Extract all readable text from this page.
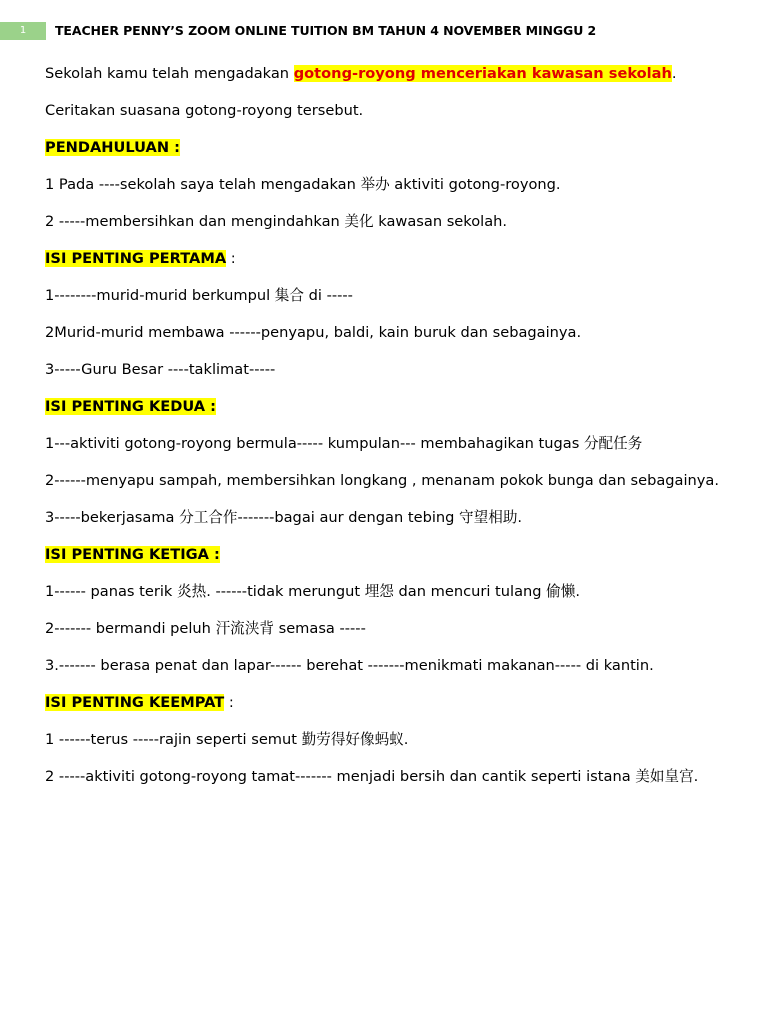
1	TEACHER PENNY’S ZOOM ONLINE TUITION BM TAHUN 4 NOVEMBER MINGGU 2

Sekolah kamu telah mengadakan gotong-royong menceriakan kawasan sekolah.

Ceritakan suasana gotong-royong tersebut.

PENDAHULUAN :

1 Pada ----sekolah saya telah mengadakan 举办 aktiviti gotong-royong.

2 -----membersihkan dan mengindahkan 美化 kawasan sekolah.

ISI PENTING PERTAMA :

1--------murid-murid berkumpul 集合 di -----

2Murid-murid membawa ------penyapu, baldi, kain buruk dan sebagainya.

3-----Guru Besar ----taklimat-----

ISI PENTING KEDUA :

1---aktiviti gotong-royong bermula----- kumpulan--- membahagikan tugas 分配任务

2------menyapu sampah, membersihkan longkang , menanam pokok bunga dan sebagainya.

3-----bekerjasama 分工合作-------bagai aur dengan tebing 守望相助.

ISI PENTING KETIGA :

1------ panas terik 炎热. ------tidak merungut 埋怨 dan mencuri tulang 偷懒.

2------- bermandi peluh 汗流浃背 semasa -----

3.------- berasa penat dan lapar------ berehat -------menikmati makanan----- di kantin.

ISI PENTING KEEMPAT :

1 ------terus -----rajin seperti semut 勤劳得好像蚂蚁.

2 -----aktiviti gotong-royong tamat------- menjadi bersih dan cantik seperti istana 美如皇宫.
